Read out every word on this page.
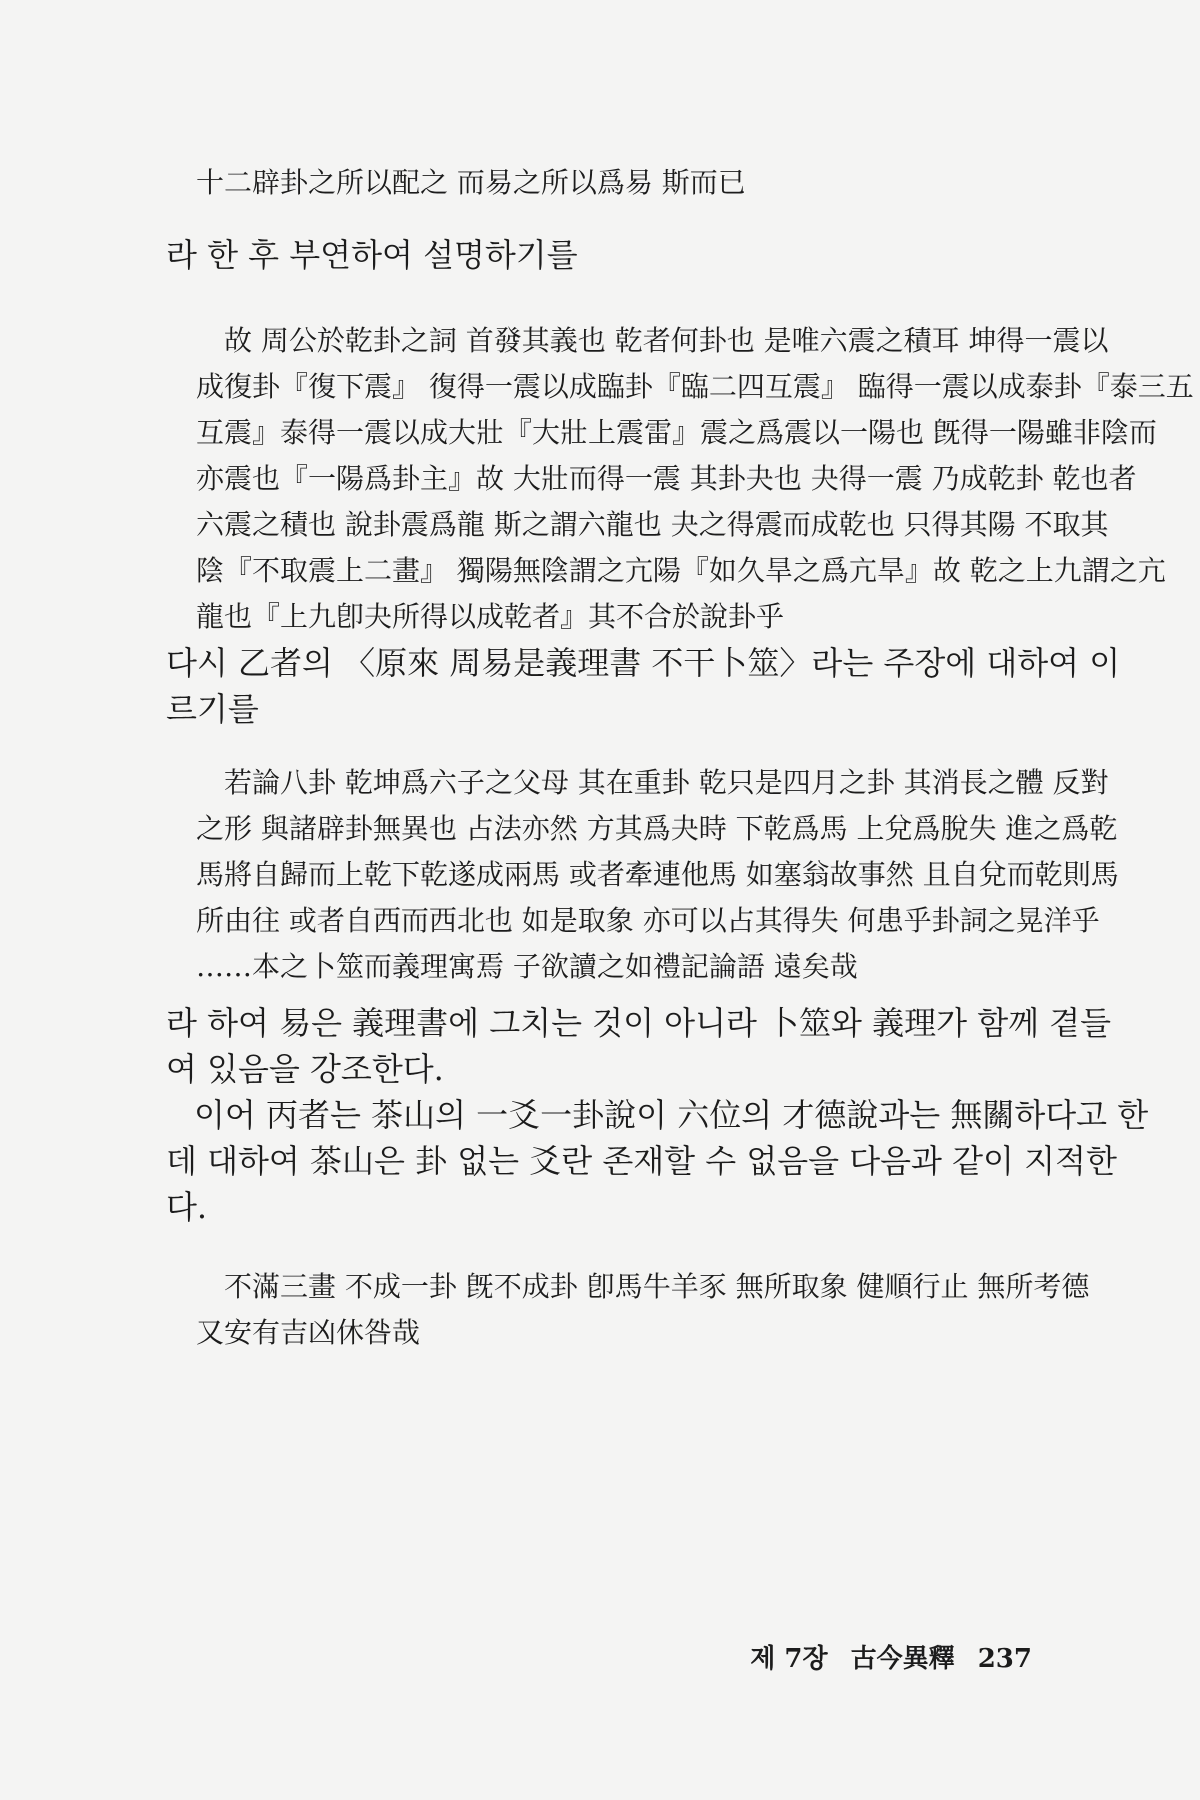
十二辟卦之所以配之 而易之所以爲易 斯而已

라 한 후 부연하여 설명하기를

　故 周公於乾卦之詞 首發其義也 乾者何卦也 是唯六震之積耳 坤得一震以
成復卦『復下震』 復得一震以成臨卦『臨二四互震』 臨得一震以成泰卦『泰三五
互震』泰得一震以成大壯『大壯上震雷』震之爲震以一陽也 旣得一陽雖非陰而
亦震也『一陽爲卦主』故 大壯而得一震 其卦夬也 夬得一震 乃成乾卦 乾也者
六震之積也 說卦震爲龍 斯之謂六龍也 夬之得震而成乾也 只得其陽 不取其
陰『不取震上二畫』 獨陽無陰謂之亢陽『如久旱之爲亢旱』故 乾之上九謂之亢
龍也『上九卽夬所得以成乾者』其不合於說卦乎
다시 乙者의 〈原來 周易是義理書 不干卜筮〉라는 주장에 대하여 이
르기를
　若論八卦 乾坤爲六子之父母 其在重卦 乾只是四月之卦 其消長之體 反對
之形 與諸辟卦無異也 占法亦然 方其爲夬時 下乾爲馬 上兌爲脫失 進之爲乾
馬將自歸而上乾下乾遂成兩馬 或者牽連他馬 如塞翁故事然 且自兌而乾則馬
所由往 或者自西而西北也 如是取象 亦可以占其得失 何患乎卦詞之晃洋乎
……本之卜筮而義理寓焉 子欲讀之如禮記論語 遠矣哉
라 하여 易은 義理書에 그치는 것이 아니라 卜筮와 義理가 함께 곁들
여 있음을 강조한다.
이어 丙者는 茶山의 一爻一卦說이 六位의 才德說과는 無關하다고 한
데 대하여 茶山은 卦 없는 爻란 존재할 수 없음을 다음과 같이 지적한
다.
　不滿三畫 不成一卦 旣不成卦 卽馬牛羊豕 無所取象 健順行止 無所考德
又安有吉凶休咎哉
제 7장 古今異釋 237
